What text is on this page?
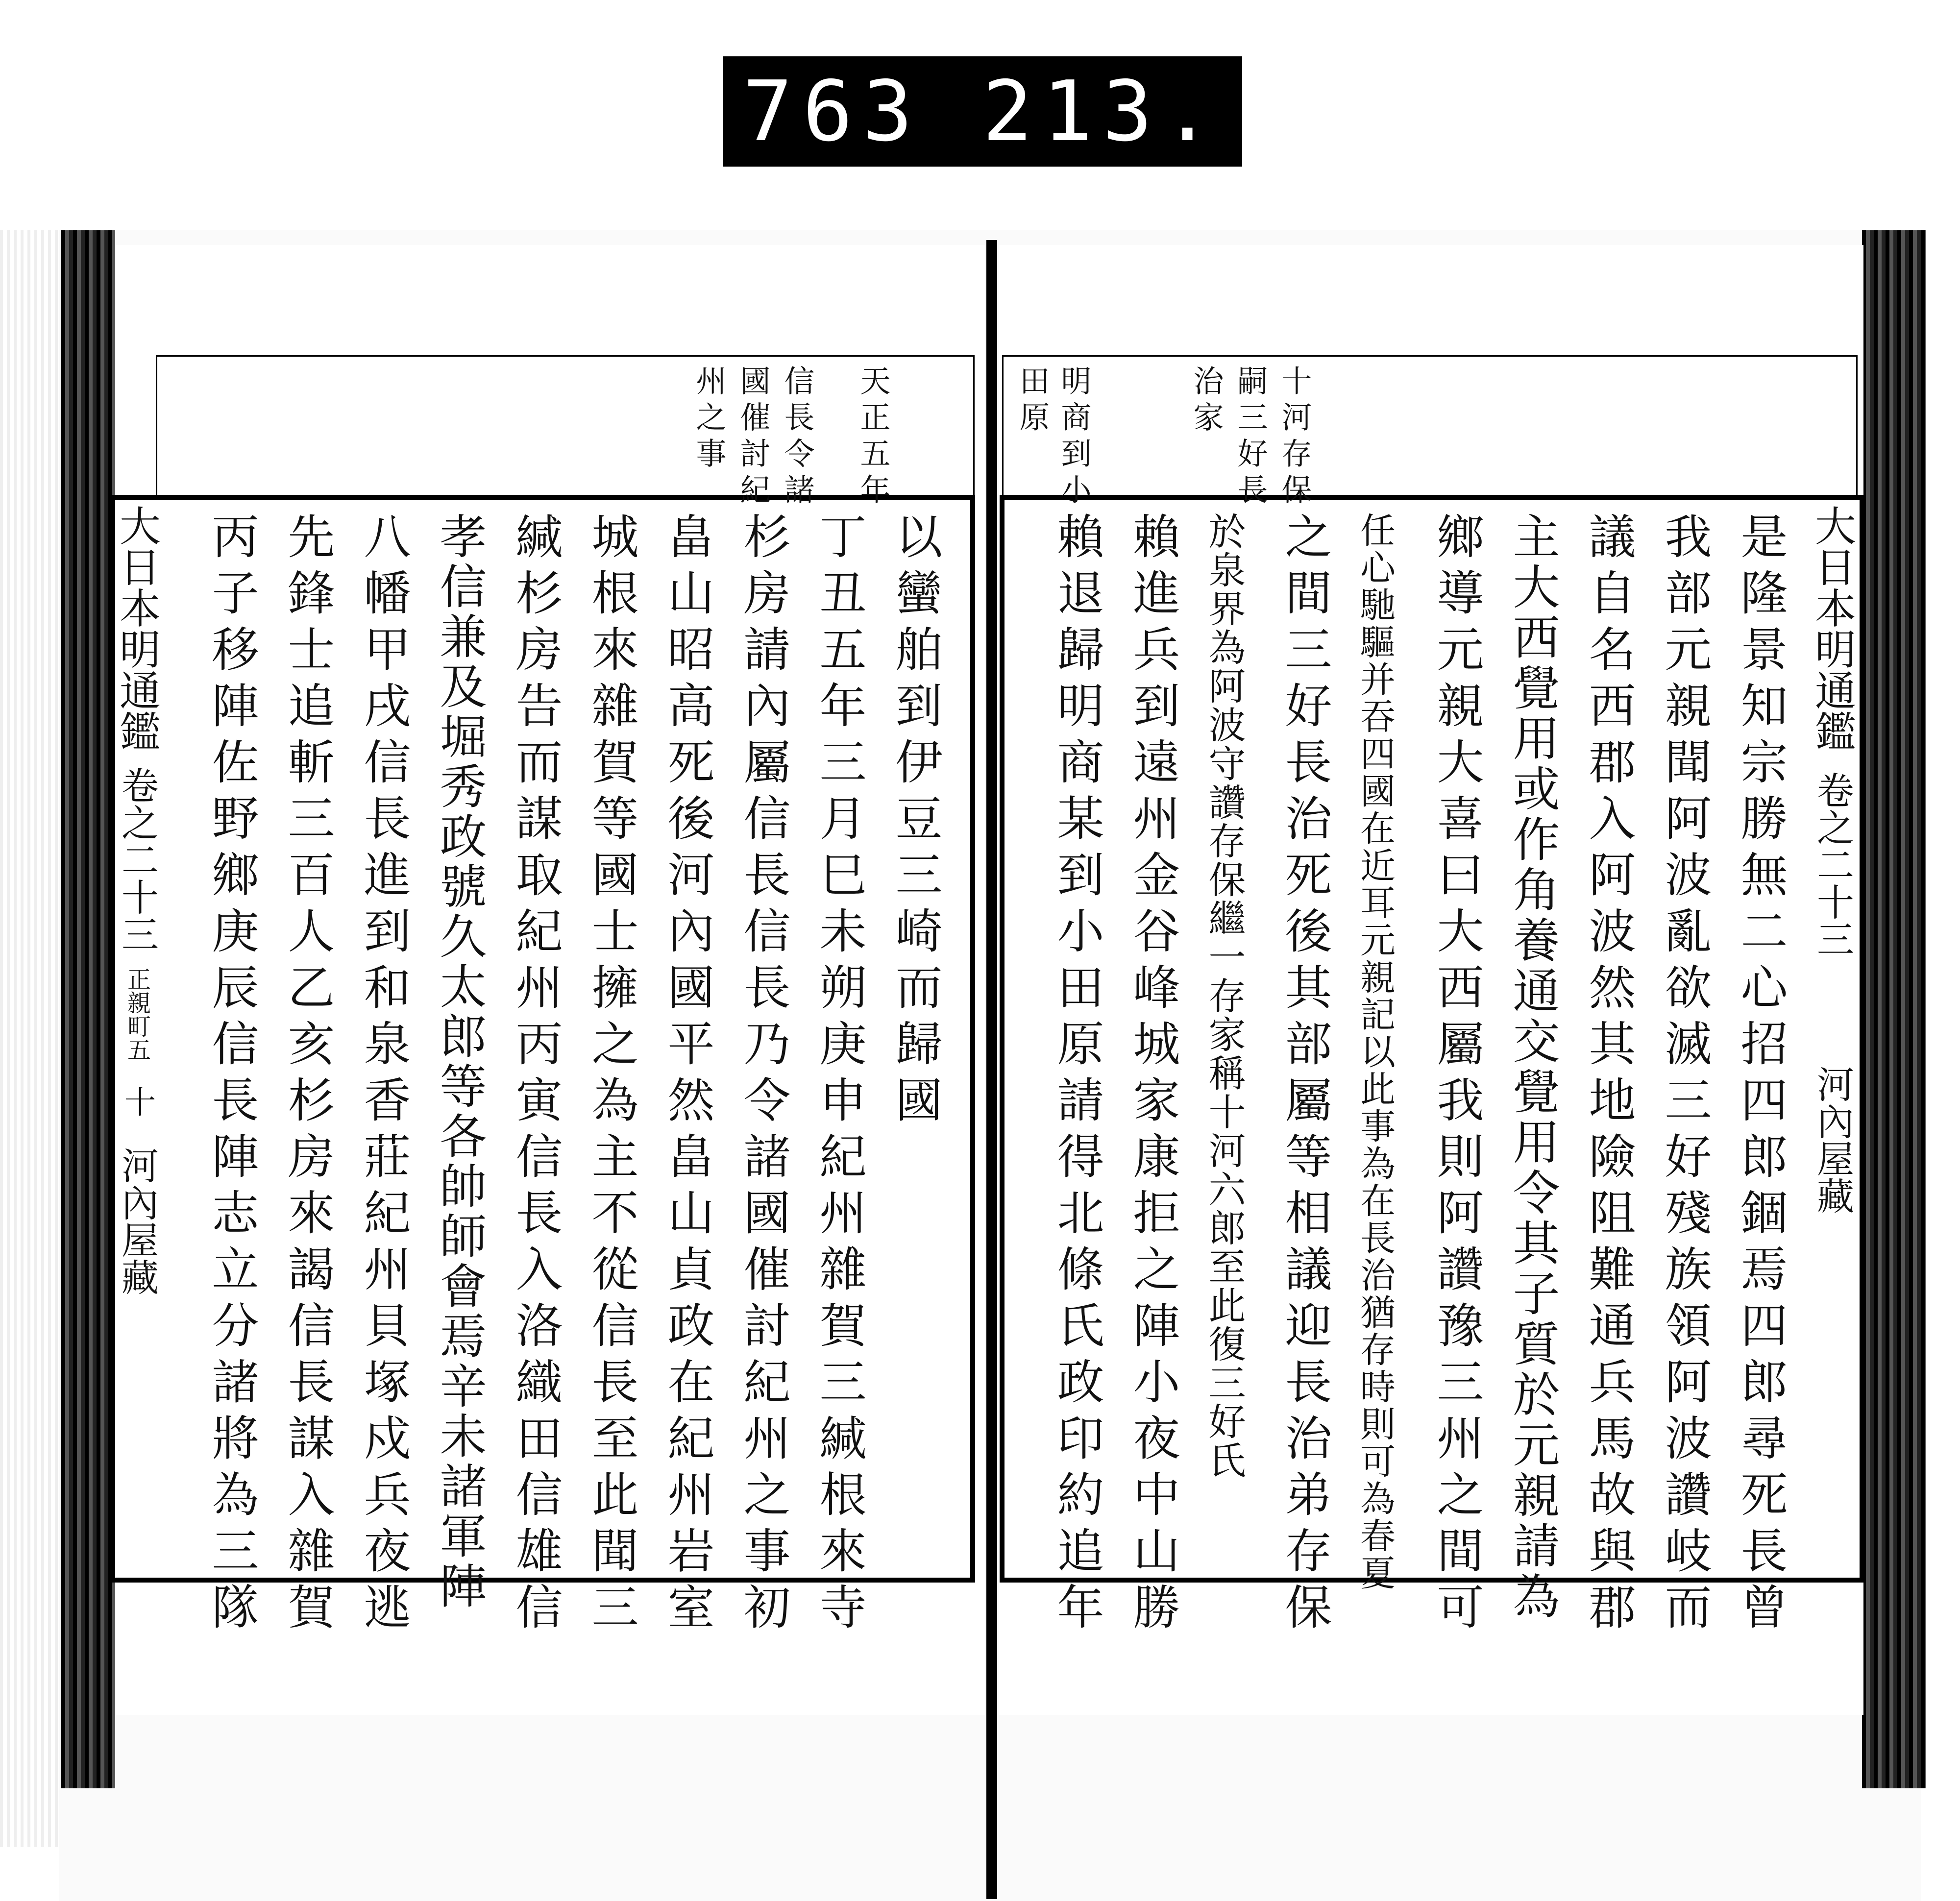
763 213.
天正五年
信長令諸
國催討紀
州之事	十河存保
嗣三好長
治家
明商到小
田原
以蠻舶到伊豆三崎而歸國
丁丑五年三月巳未朔庚申紀州雜賀三緘根來寺
杉房請內屬信長信長乃令諸國催討紀州之事初
畠山昭高死後河內國平然畠山貞政在紀州岩室
城根來雜賀等國士擁之為主不從信長至此聞三
緘杉房告而謀取紀州丙寅信長入洛織田信雄信
孝信兼及堀秀政號久太郎等各帥師會焉辛未諸軍陣
八幡甲戌信長進到和泉香莊紀州貝塚戍兵夜逃
先鋒士追斬三百人乙亥杉房來謁信長謀入雜賀
丙子移陣佐野鄉庚辰信長陣志立分諸將為三隊	是隆景知宗勝無二心招四郎錮焉四郎尋死長曾
我部元親聞阿波亂欲滅三好殘族領阿波讚岐而
議自名西郡入阿波然其地險阻難通兵馬故與郡
主大西覺用或作角養通交覺用令其子質於元親請為
鄉導元親大喜曰大西屬我則阿讚豫三州之間可
任心馳驅并吞四國在近耳元親記以此事為在長治猶存時則可為春夏
之間三好長治死後其部屬等相議迎長治弟存保
於泉界為阿波守讚存保繼一存家稱十河六郎至此復三好氏
賴進兵到遠州金谷峰城家康拒之陣小夜中山勝
賴退歸明商某到小田原請得北條氏政印約追年
大日本明通鑑
卷之二十三
正親町五
十
河內屋藏
大日本明通鑑
卷之二十三
河內屋藏
